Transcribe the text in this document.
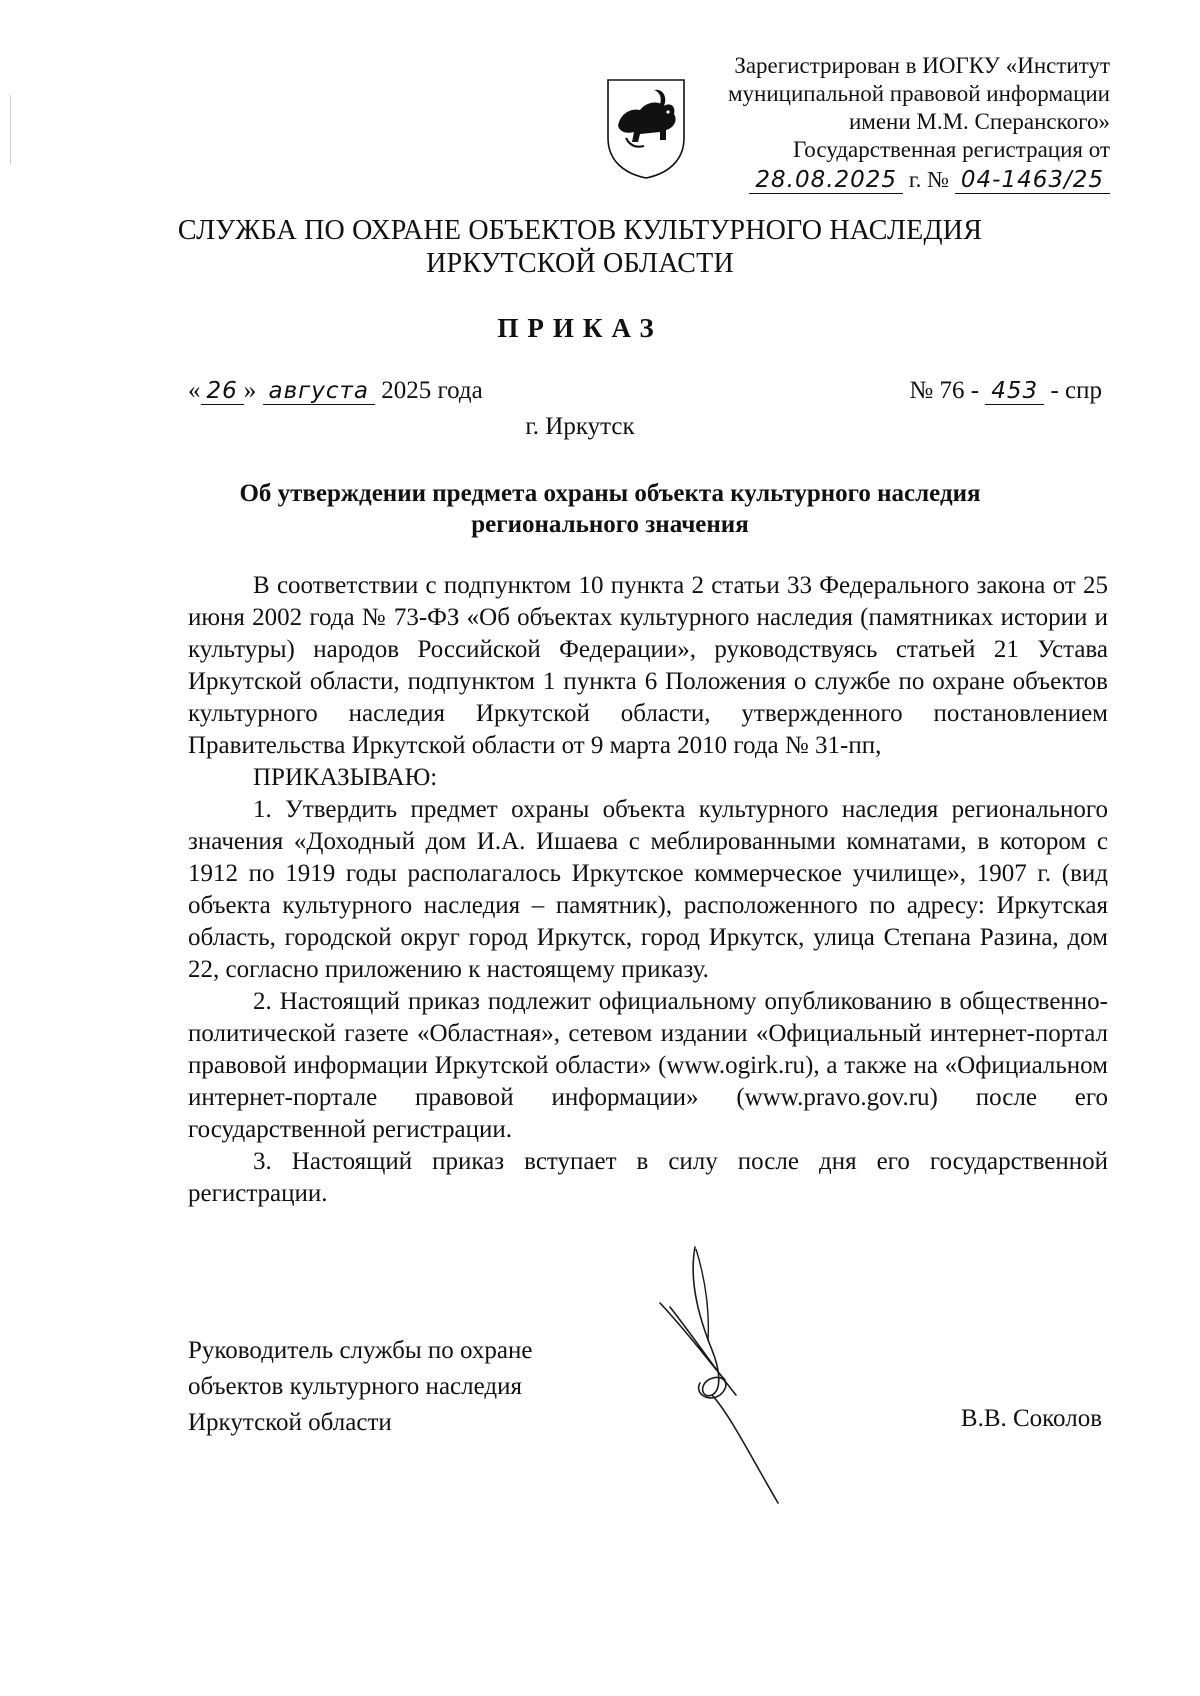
Зарегистрирован в ИОГКУ «Институт
муниципальной правовой информации
имени М.М. Сперанского»
Государственная регистрация от
28.08.2025 г. № 04-1463/25
СЛУЖБА ПО ОХРАНЕ ОБЪЕКТОВ КУЛЬТУРНОГО НАСЛЕДИЯ
ИРКУТСКОЙ ОБЛАСТИ
ПРИКАЗ
« 26 » августа 2025 года	№ 76 - 453 - спр
г. Иркутск
Об утверждении предмета охраны объекта культурного наследия
регионального значения

В соответствии с подпунктом 10 пункта 2 статьи 33 Федерального закона от 25 июня 2002 года № 73-ФЗ «Об объектах культурного наследия (памятниках истории и культуры) народов Российской Федерации», руководствуясь статьей 21 Устава Иркутской области, подпунктом 1 пункта 6 Положения о службе по охране объектов культурного наследия Иркутской области, утвержденного постановлением Правительства Иркутской области от 9 марта 2010 года № 31-пп,

ПРИКАЗЫВАЮ:

1. Утвердить предмет охраны объекта культурного наследия регионального значения «Доходный дом И.А. Ишаева с меблированными комнатами, в котором с 1912 по 1919 годы располагалось Иркутское коммерческое училище», 1907 г. (вид объекта культурного наследия – памятник), расположенного по адресу: Иркутская область, городской округ город Иркутск, город Иркутск, улица Степана Разина, дом 22, согласно приложению к настоящему приказу.

2. Настоящий приказ подлежит официальному опубликованию в общественно-политической газете «Областная», сетевом издании «Официальный интернет-портал правовой информации Иркутской области» (www.ogirk.ru), а также на «Официальном интернет-портале правовой информации» (www.pravo.gov.ru) после его государственной регистрации.

3. Настоящий приказ вступает в силу после дня его государственной регистрации.

Руководитель службы по охране
объектов культурного наследия
Иркутской области	В.В. Соколов
